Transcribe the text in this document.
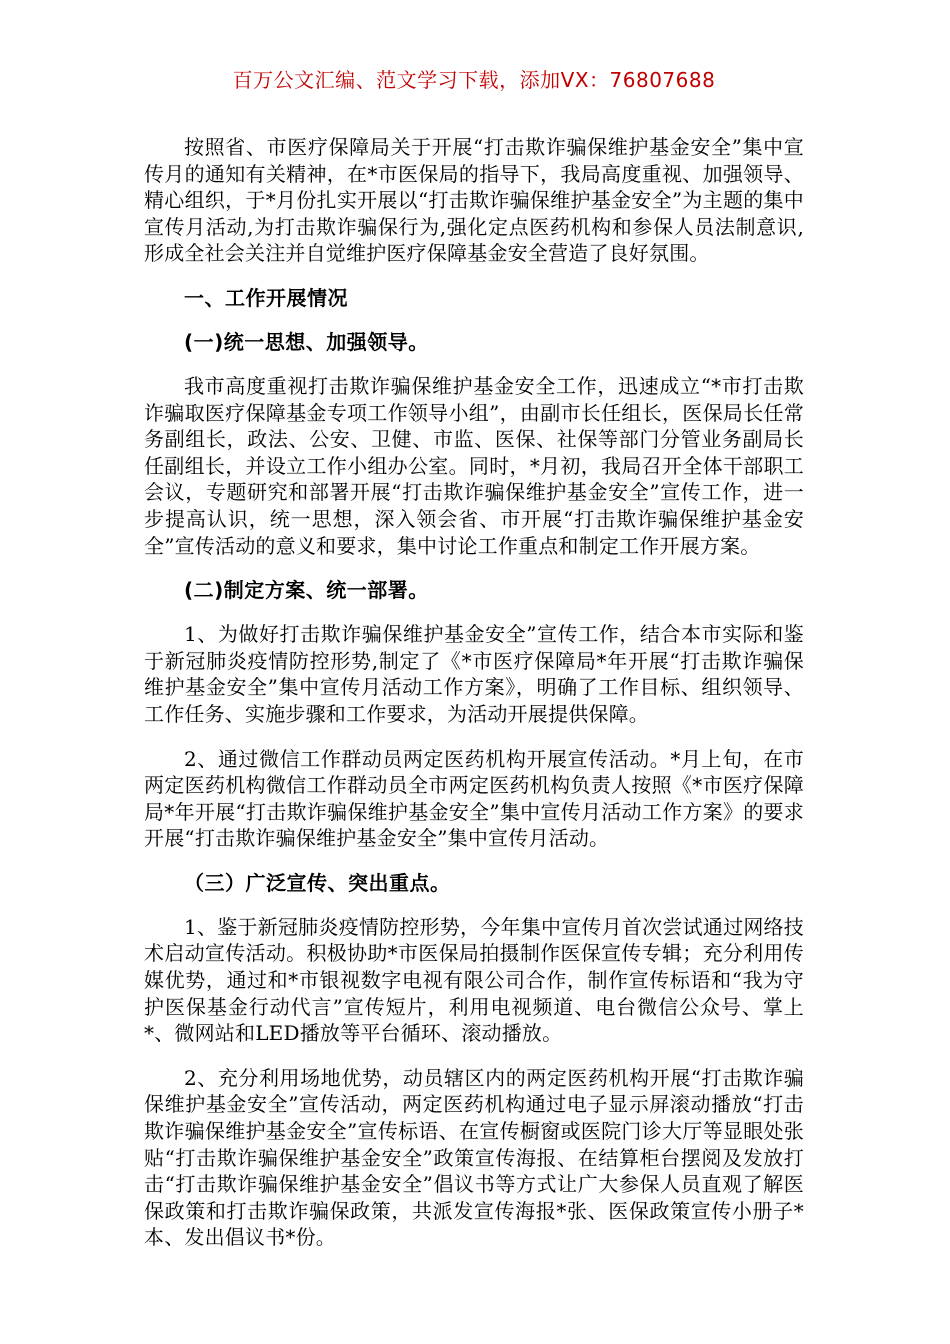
百万公文汇编、范文学习下载，添加VX：76807688

按照省、市医疗保障局关于开展“打击欺诈骗保维护基金安全”集中宣传月的通知有关精神，在*市医保局的指导下，我局高度重视、加强领导、精心组织，于*月份扎实开展以“打击欺诈骗保维护基金安全”为主题的集中宣传月活动,为打击欺诈骗保行为,强化定点医药机构和参保人员法制意识,形成全社会关注并自觉维护医疗保障基金安全营造了良好氛围。

一、工作开展情况

(一)统一思想、加强领导。

我市高度重视打击欺诈骗保维护基金安全工作，迅速成立“*市打击欺诈骗取医疗保障基金专项工作领导小组”，由副市长任组长，医保局长任常务副组长，政法、公安、卫健、市监、医保、社保等部门分管业务副局长任副组长，并设立工作小组办公室。同时，*月初，我局召开全体干部职工会议，专题研究和部署开展“打击欺诈骗保维护基金安全”宣传工作，进一步提高认识，统一思想，深入领会省、市开展“打击欺诈骗保维护基金安全”宣传活动的意义和要求，集中讨论工作重点和制定工作开展方案。

(二)制定方案、统一部署。

1、为做好打击欺诈骗保维护基金安全”宣传工作，结合本市实际和鉴于新冠肺炎疫情防控形势,制定了《*市医疗保障局*年开展“打击欺诈骗保维护基金安全”集中宣传月活动工作方案》，明确了工作目标、组织领导、工作任务、实施步骤和工作要求，为活动开展提供保障。

2、通过微信工作群动员两定医药机构开展宣传活动。*月上旬，在市两定医药机构微信工作群动员全市两定医药机构负责人按照《*市医疗保障局*年开展“打击欺诈骗保维护基金安全”集中宣传月活动工作方案》的要求开展“打击欺诈骗保维护基金安全”集中宣传月活动。

（三）广泛宣传、突出重点。

1、鉴于新冠肺炎疫情防控形势，今年集中宣传月首次尝试通过网络技术启动宣传活动。积极协助*市医保局拍摄制作医保宣传专辑；充分利用传媒优势，通过和*市银视数字电视有限公司合作，制作宣传标语和“我为守护医保基金行动代言”宣传短片，利用电视频道、电台微信公众号、掌上*、微网站和LED播放等平台循环、滚动播放。

2、充分利用场地优势，动员辖区内的两定医药机构开展“打击欺诈骗保维护基金安全”宣传活动，两定医药机构通过电子显示屏滚动播放“打击欺诈骗保维护基金安全”宣传标语、在宣传橱窗或医院门诊大厅等显眼处张贴“打击欺诈骗保维护基金安全”政策宣传海报、在结算柜台摆阅及发放打击“打击欺诈骗保维护基金安全”倡议书等方式让广大参保人员直观了解医保政策和打击欺诈骗保政策，共派发宣传海报*张、医保政策宣传小册子*本、发出倡议书*份。
